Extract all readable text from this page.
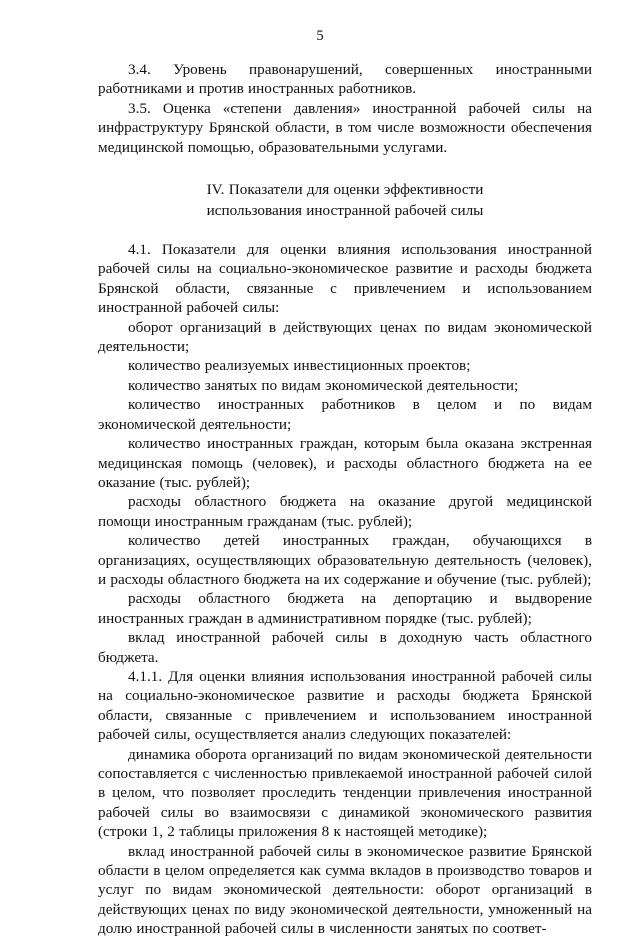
5

3.4. Уровень правонарушений, совершенных иностранными работниками и против иностранных работников.

3.5. Оценка «степени давления» иностранной рабочей силы на инфраструктуру Брянской области, в том числе возможности обеспечения медицинской помощью, образовательными услугами.

IV. Показатели для оценки эффективности
использования иностранной рабочей силы

4.1. Показатели для оценки влияния использования иностранной рабочей силы на социально-экономическое развитие и расходы бюджета Брянской области, связанные с привлечением и использованием иностранной рабочей силы:

оборот организаций в действующих ценах по видам экономической деятельности;

количество реализуемых инвестиционных проектов;

количество занятых по видам экономической деятельности;

количество иностранных работников в целом и по видам экономической деятельности;

количество иностранных граждан, которым была оказана экстренная медицинская помощь (человек), и расходы областного бюджета на ее оказание (тыс. рублей);

расходы областного бюджета на оказание другой медицинской помощи иностранным гражданам (тыс. рублей);

количество детей иностранных граждан, обучающихся в организациях, осуществляющих образовательную деятельность (человек), и расходы областного бюджета на их содержание и обучение (тыс. рублей);

расходы областного бюджета на депортацию и выдворение иностранных граждан в административном порядке (тыс. рублей);

вклад иностранной рабочей силы в доходную часть областного бюджета.

4.1.1. Для оценки влияния использования иностранной рабочей силы на социально-экономическое развитие и расходы бюджета Брянской области, связанные с привлечением и использованием иностранной рабочей силы, осуществляется анализ следующих показателей:

динамика оборота организаций по видам экономической деятельности сопоставляется с численностью привлекаемой иностранной рабочей силой в целом, что позволяет проследить тенденции привлечения иностранной рабочей силы во взаимосвязи с динамикой экономического развития (строки 1, 2 таблицы приложения 8 к настоящей методике);

вклад иностранной рабочей силы в экономическое развитие Брянской области в целом определяется как сумма вкладов в производство товаров и услуг по видам экономической деятельности: оборот организаций в действующих ценах по виду экономической деятельности, умноженный на долю иностранной рабочей силы в численности занятых по соответ-
